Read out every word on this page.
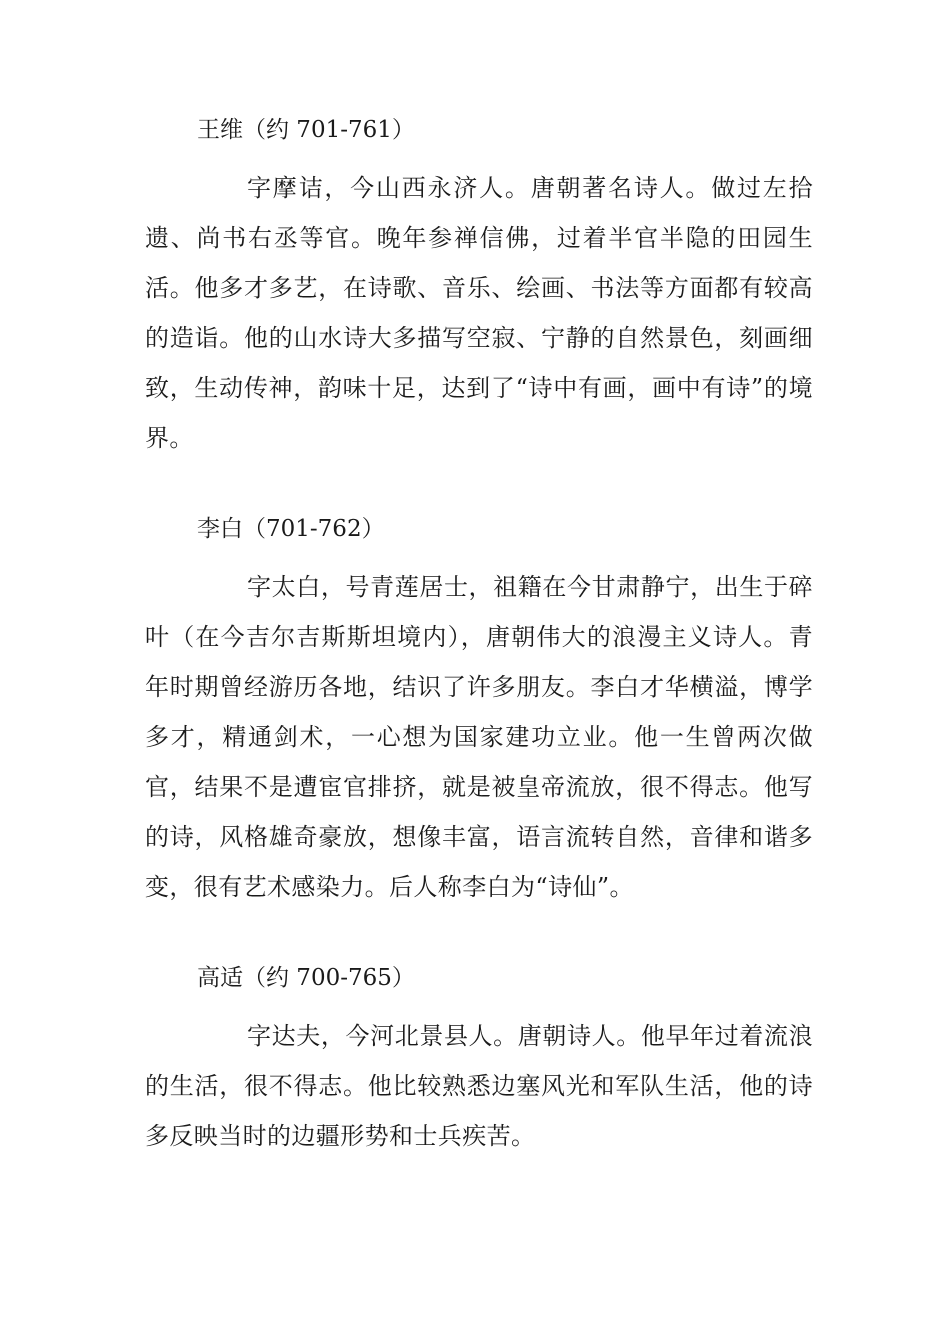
王维（约 701-761）

字摩诘，今山西永济人。唐朝著名诗人。做过左拾遗、尚书右丞等官。晚年参禅信佛，过着半官半隐的田园生活。他多才多艺，在诗歌、音乐、绘画、书法等方面都有较高的造诣。他的山水诗大多描写空寂、宁静的自然景色，刻画细致，生动传神，韵味十足，达到了“诗中有画，画中有诗”的境界。

李白（701-762）

字太白，号青莲居士，祖籍在今甘肃静宁，出生于碎叶（在今吉尔吉斯斯坦境内），唐朝伟大的浪漫主义诗人。青年时期曾经游历各地，结识了许多朋友。李白才华横溢，博学多才，精通剑术，一心想为国家建功立业。他一生曾两次做官，结果不是遭宦官排挤，就是被皇帝流放，很不得志。他写的诗，风格雄奇豪放，想像丰富，语言流转自然，音律和谐多变，很有艺术感染力。后人称李白为“诗仙”。

高适（约 700-765）

字达夫，今河北景县人。唐朝诗人。他早年过着流浪的生活，很不得志。他比较熟悉边塞风光和军队生活，他的诗多反映当时的边疆形势和士兵疾苦。
